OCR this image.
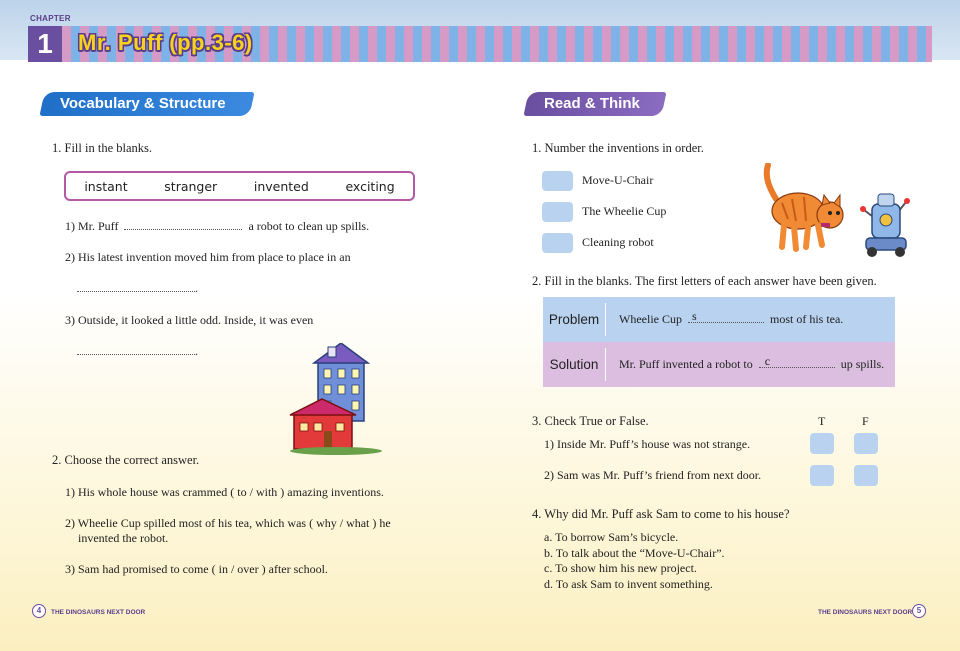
CHAPTER
1	Mr. Puff (pp.3-6)
Vocabulary & Structure
1. Fill in the blanks.
instant	stranger	invented	exciting
1) Mr. Puff	a robot to clean up spills.
2) His latest invention moved him from place to place in an
.
3) Outside, it looked a little odd. Inside, it was even
.
2. Choose the correct answer.
1) His whole house was crammed ( to / with ) amazing inventions.
2) Wheelie Cup spilled most of his tea, which was ( why / what ) he
invented the robot.
3) Sam had promised to come ( in / over ) after school.
4	THE DINOSAURS NEXT DOOR
Read & Think
1. Number the inventions in order.
Move-U-Chair
The Wheelie Cup
Cleaning robot
2. Fill in the blanks. The first letters of each answer have been given.
Problem	Wheelie Cup s	most of his tea.
Solution	Mr. Puff invented a robot to c	up spills.
3. Check True or False.	T	F
1) Inside Mr. Puff’s house was not strange.
2) Sam was Mr. Puff’s friend from next door.
4. Why did Mr. Puff ask Sam to come to his house?
a. To borrow Sam’s bicycle.
b. To talk about the “Move-U-Chair”.
c. To show him his new project.
d. To ask Sam to invent something.
THE DINOSAURS NEXT DOOR 5
